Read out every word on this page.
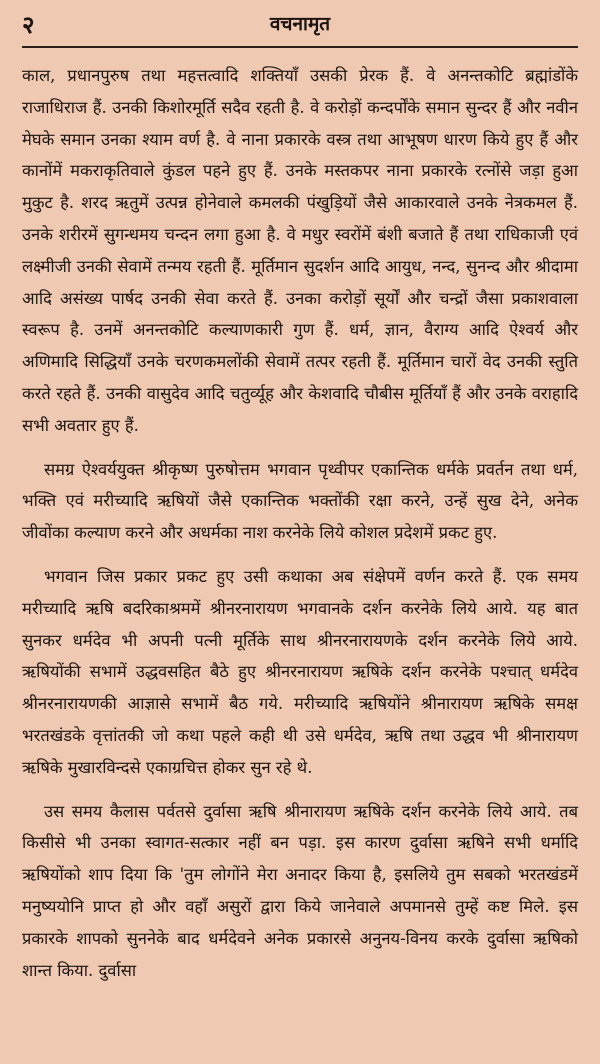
२	वचनामृत

काल, प्रधानपुरुष तथा महत्तत्वादि शक्तियाँ उसकी प्रेरक हैं. वे अनन्तकोटि ब्रह्मांडोंके राजाधिराज हैं. उनकी किशोरमूर्ति सदैव रहती है. वे करोड़ों कन्दर्पोंके समान सुन्दर हैं और नवीन मेघके समान उनका श्याम वर्ण है. वे नाना प्रकारके वस्त्र तथा आभूषण धारण किये हुए हैं और कानोंमें मकराकृतिवाले कुंडल पहने हुए हैं. उनके मस्तकपर नाना प्रकारके रत्नोंसे जड़ा हुआ मुकुट है. शरद ऋतुमें उत्पन्न होनेवाले कमलकी पंखुड़ियों जैसे आकारवाले उनके नेत्रकमल हैं. उनके शरीरमें सुगन्धमय चन्दन लगा हुआ है. वे मधुर स्वरोंमें बंशी बजाते हैं तथा राधिकाजी एवं लक्ष्मीजी उनकी सेवामें तन्मय रहती हैं. मूर्तिमान सुदर्शन आदि आयुध, नन्द, सुनन्द और श्रीदामा आदि असंख्य पार्षद उनकी सेवा करते हैं. उनका करोड़ों सूर्यों और चन्द्रों जैसा प्रकाशवाला स्वरूप है. उनमें अनन्तकोटि कल्याणकारी गुण हैं. धर्म, ज्ञान, वैराग्य आदि ऐश्वर्य और अणिमादि सिद्धियाँ उनके चरणकमलोंकी सेवामें तत्पर रहती हैं. मूर्तिमान चारों वेद उनकी स्तुति करते रहते हैं. उनकी वासुदेव आदि चतुर्व्यूह और केशवादि चौबीस मूर्तियाँ हैं और उनके वराहादि सभी अवतार हुए हैं.

समग्र ऐश्वर्ययुक्त श्रीकृष्ण पुरुषोत्तम भगवान पृथ्वीपर एकान्तिक धर्मके प्रवर्तन तथा धर्म, भक्ति एवं मरीच्यादि ऋषियों जैसे एकान्तिक भक्तोंकी रक्षा करने, उन्हें सुख देने, अनेक जीवोंका कल्याण करने और अधर्मका नाश करनेके लिये कोशल प्रदेशमें प्रकट हुए.

भगवान जिस प्रकार प्रकट हुए उसी कथाका अब संक्षेपमें वर्णन करते हैं. एक समय मरीच्यादि ऋषि बदरिकाश्रममें श्रीनरनारायण भगवानके दर्शन करनेके लिये आये. यह बात सुनकर धर्मदेव भी अपनी पत्नी मूर्तिके साथ श्रीनरनारायणके दर्शन करनेके लिये आये. ऋषियोंकी सभामें उद्धवसहित बैठे हुए श्रीनरनारायण ऋषिके दर्शन करनेके पश्चात् धर्मदेव श्रीनरनारायणकी आज्ञासे सभामें बैठ गये. मरीच्यादि ऋषियोंने श्रीनारायण ऋषिके समक्ष भरतखंडके वृत्तांतकी जो कथा पहले कही थी उसे धर्मदेव, ऋषि तथा उद्धव भी श्रीनारायण ऋषिके मुखारविन्दसे एकाग्रचित्त होकर सुन रहे थे.

उस समय कैलास पर्वतसे दुर्वासा ऋषि श्रीनारायण ऋषिके दर्शन करनेके लिये आये. तब किसीसे भी उनका स्वागत-सत्कार नहीं बन पड़ा. इस कारण दुर्वासा ऋषिने सभी धर्मादि ऋषियोंको शाप दिया कि 'तुम लोगोंने मेरा अनादर किया है, इसलिये तुम सबको भरतखंडमें मनुष्ययोनि प्राप्त हो और वहाँ असुरों द्वारा किये जानेवाले अपमानसे तुम्हें कष्ट मिले. इस प्रकारके शापको सुननेके बाद धर्मदेवने अनेक प्रकारसे अनुनय-विनय करके दुर्वासा ऋषिको शान्त किया. दुर्वासा
